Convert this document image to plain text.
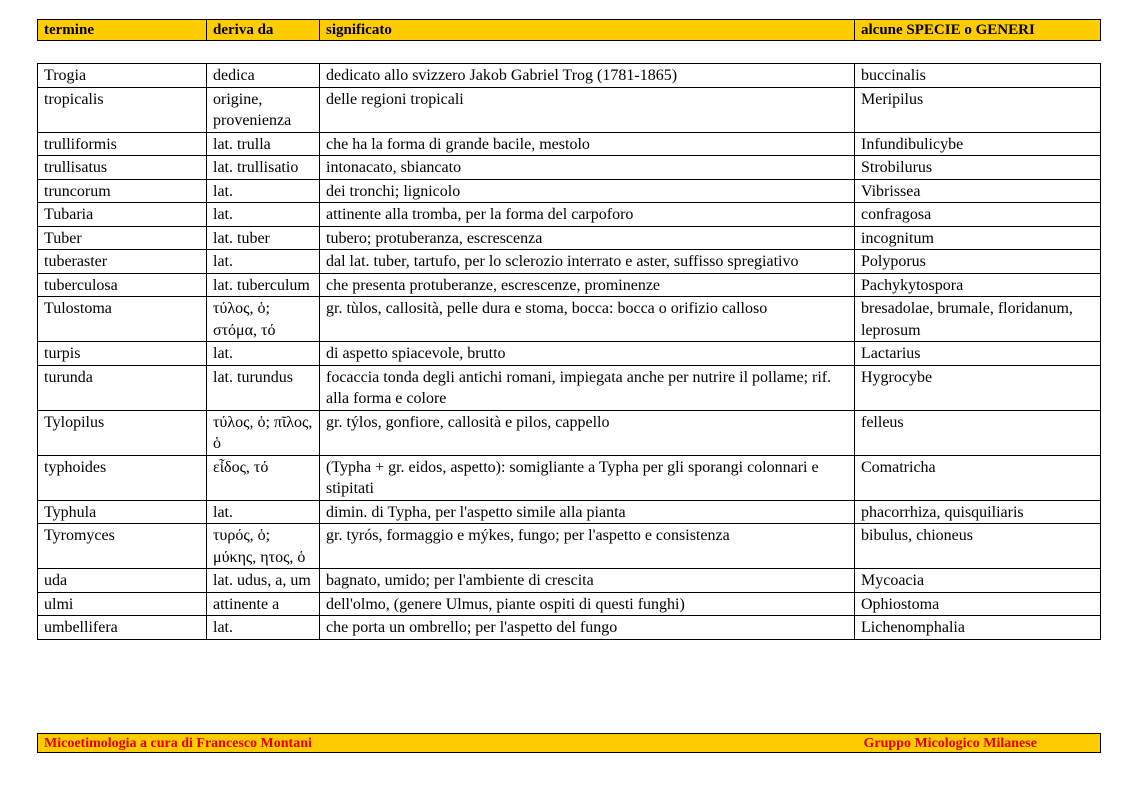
termine	deriva da	significato	alcune SPECIE o GENERI
Trogia	dedica	dedicato allo svizzero Jakob Gabriel Trog (1781-1865)	buccinalis
tropicalis	origine, provenienza	delle regioni tropicali	Meripilus
trulliformis	lat. trulla	che ha la forma di grande bacile, mestolo	Infundibulicybe
trullisatus	lat. trullisatio	intonacato, sbiancato	Strobilurus
truncorum	lat.	dei tronchi; lignicolo	Vibrissea
Tubaria	lat.	attinente alla tromba, per la forma del carpoforo	confragosa
Tuber	lat. tuber	tubero; protuberanza, escrescenza	incognitum
tuberaster	lat.	dal lat. tuber, tartufo, per lo sclerozio interrato e aster, suffisso spregiativo	Polyporus
tuberculosa	lat. tuberculum	che presenta protuberanze, escrescenze, prominenze	Pachykytospora
Tulostoma	τύλος, ὁ; στόμα, τό	gr. tùlos, callosità, pelle dura e stoma, bocca: bocca o orifizio calloso	bresadolae, brumale, floridanum, leprosum
turpis	lat.	di aspetto spiacevole, brutto	Lactarius
turunda	lat. turundus	focaccia tonda degli antichi romani, impiegata anche per nutrire il pollame; rif. alla forma e colore	Hygrocybe
Tylopilus	τύλος, ὁ; πῖλος, ὁ	gr. týlos, gonfiore, callosità e pilos, cappello	felleus
typhoides	εἶδος, τό	(Typha + gr. eidos, aspetto): somigliante a Typha per gli sporangi colonnari e stipitati	Comatricha
Typhula	lat.	dimin. di Typha, per l'aspetto simile alla pianta	phacorrhiza, quisquiliaris
Tyromyces	τυρός, ὁ; μύκης, ητος, ὁ	gr. tyrós, formaggio e mýkes, fungo; per l'aspetto e consistenza	bibulus, chioneus
uda	lat. udus, a, um	bagnato, umido; per l'ambiente di crescita	Mycoacia
ulmi	attinente a	dell'olmo, (genere Ulmus, piante ospiti di questi funghi)	Ophiostoma
umbellifera	lat.	che porta un ombrello; per l'aspetto del fungo	Lichenomphalia
Micoetimologia a cura di Francesco Montani	Gruppo Micologico Milanese
